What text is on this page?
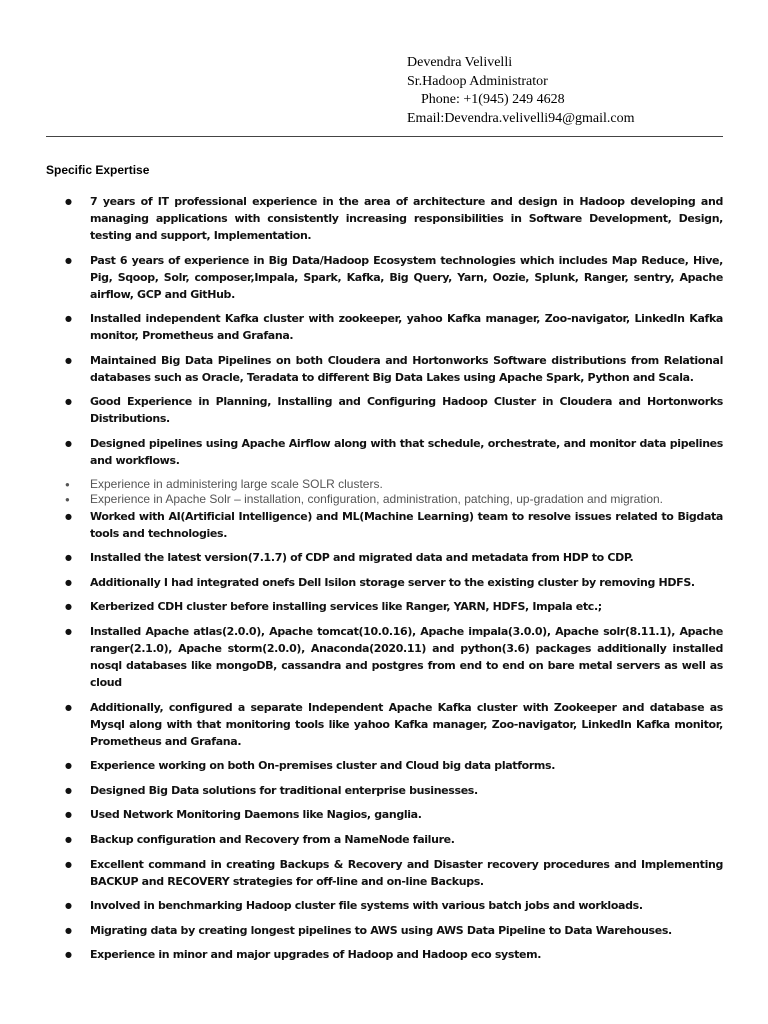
Devendra Velivelli
Sr.Hadoop Administrator
Phone: +1(945) 249 4628
Email:Devendra.velivelli94@gmail.com
Specific Expertise
● 7 years of IT professional experience in the area of architecture and design in Hadoop developing and managing applications with consistently increasing responsibilities in Software Development, Design, testing and support, Implementation.
● Past 6 years of experience in Big Data/Hadoop Ecosystem technologies which includes Map Reduce, Hive, Pig, Sqoop, Solr, composer,Impala, Spark, Kafka, Big Query, Yarn, Oozie, Splunk, Ranger, sentry, Apache airflow, GCP and GitHub.
● Installed independent Kafka cluster with zookeeper, yahoo Kafka manager, Zoo-navigator, LinkedIn Kafka monitor, Prometheus and Grafana.
● Maintained Big Data Pipelines on both Cloudera and Hortonworks Software distributions from Relational databases such as Oracle, Teradata to different Big Data Lakes using Apache Spark, Python and Scala.
● Good Experience in Planning, Installing and Configuring Hadoop Cluster in Cloudera and Hortonworks Distributions.
● Designed pipelines using Apache Airflow along with that schedule, orchestrate, and monitor data pipelines and workflows.
● Experience in administering large scale SOLR clusters.
● Experience in Apache Solr – installation, configuration, administration, patching, up-gradation and migration.
● Worked with AI(Artificial Intelligence) and ML(Machine Learning) team to resolve issues related to Bigdata tools and technologies.
● Installed the latest version(7.1.7) of CDP and migrated data and metadata from HDP to CDP.
● Additionally I had integrated onefs Dell Isilon storage server to the existing cluster by removing HDFS.
● Kerberized CDH cluster before installing services like Ranger, YARN, HDFS, Impala etc.;
● Installed Apache atlas(2.0.0), Apache tomcat(10.0.16), Apache impala(3.0.0), Apache solr(8.11.1), Apache ranger(2.1.0), Apache storm(2.0.0), Anaconda(2020.11) and python(3.6) packages additionally installed nosql databases like mongoDB, cassandra and postgres from end to end on bare metal servers as well as cloud
● Additionally, configured a separate Independent Apache Kafka cluster with Zookeeper and database as Mysql along with that monitoring tools like yahoo Kafka manager, Zoo-navigator, LinkedIn Kafka monitor, Prometheus and Grafana.
● Experience working on both On-premises cluster and Cloud big data platforms.
● Designed Big Data solutions for traditional enterprise businesses.
● Used Network Monitoring Daemons like Nagios, ganglia.
● Backup configuration and Recovery from a NameNode failure.
● Excellent command in creating Backups & Recovery and Disaster recovery procedures and Implementing BACKUP and RECOVERY strategies for off-line and on-line Backups.
● Involved in benchmarking Hadoop cluster file systems with various batch jobs and workloads.
● Migrating data by creating longest pipelines to AWS using AWS Data Pipeline to Data Warehouses.
● Experience in minor and major upgrades of Hadoop and Hadoop eco system.
